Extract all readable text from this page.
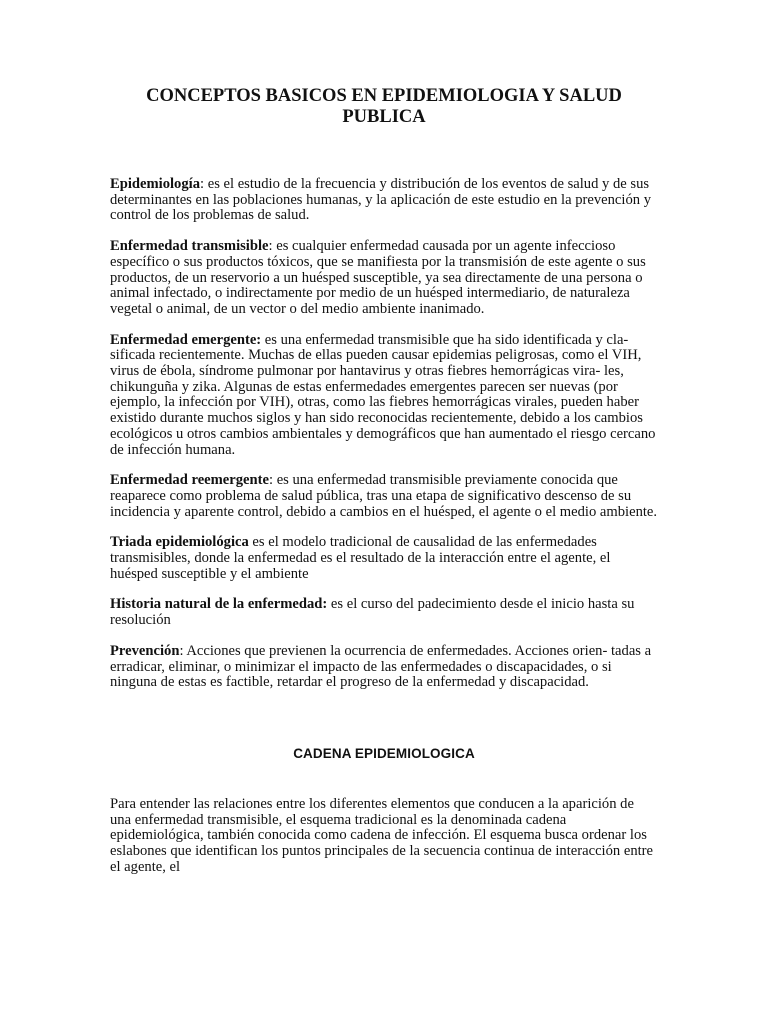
CONCEPTOS BASICOS EN EPIDEMIOLOGIA Y SALUD PUBLICA

Epidemiología: es el estudio de la frecuencia y distribución de los eventos de salud y de sus determinantes en las poblaciones humanas, y la aplicación de este estudio en la prevención y control de los problemas de salud.

Enfermedad transmisible: es cualquier enfermedad causada por un agente infeccioso específico o sus productos tóxicos, que se manifiesta por la transmisión de este agente o sus productos, de un reservorio a un huésped susceptible, ya sea directamente de una persona o animal infectado, o indirectamente por medio de un huésped intermediario, de naturaleza vegetal o animal, de un vector o del medio ambiente inanimado.

Enfermedad emergente: es una enfermedad transmisible que ha sido identificada y cla- sificada recientemente. Muchas de ellas pueden causar epidemias peligrosas, como el VIH, virus de ébola, síndrome pulmonar por hantavirus y otras fiebres hemorrágicas vira- les, chikunguña y zika. Algunas de estas enfermedades emergentes parecen ser nuevas (por ejemplo, la infección por VIH), otras, como las fiebres hemorrágicas virales, pueden haber existido durante muchos siglos y han sido reconocidas recientemente, debido a los cambios ecológicos u otros cambios ambientales y demográficos que han aumentado el riesgo cercano de infección humana.

Enfermedad reemergente: es una enfermedad transmisible previamente conocida que reaparece como problema de salud pública, tras una etapa de significativo descenso de su incidencia y aparente control, debido a cambios en el huésped, el agente o el medio ambiente.

Triada epidemiológica es el modelo tradicional de causalidad de las enfermedades transmisibles, donde la enfermedad es el resultado de la interacción entre el agente, el huésped susceptible y el ambiente

Historia natural de la enfermedad: es el curso del padecimiento desde el inicio hasta su resolución

Prevención: Acciones que previenen la ocurrencia de enfermedades. Acciones orien- tadas a erradicar, eliminar, o minimizar el impacto de las enfermedades o discapacidades, o si ninguna de estas es factible, retardar el progreso de la enfermedad y discapacidad.

CADENA EPIDEMIOLOGICA

Para entender las relaciones entre los diferentes elementos que conducen a la aparición de una enfermedad transmisible, el esquema tradicional es la denominada cadena epidemiológica, también conocida como cadena de infección. El esquema busca ordenar los eslabones que identifican los puntos principales de la secuencia continua de interacción entre el agente, el
